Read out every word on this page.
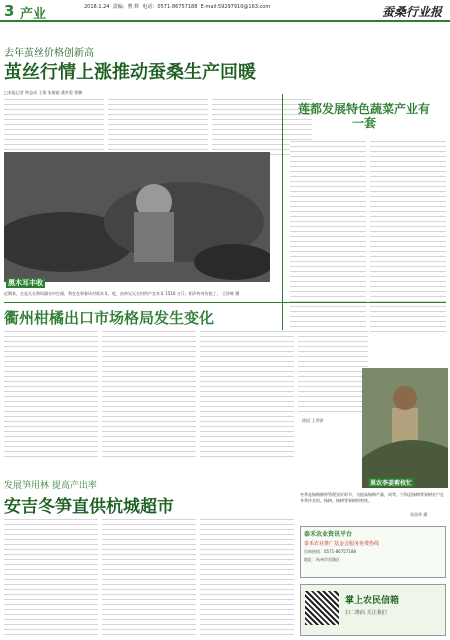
3 产业	2018.1.24 责编：曹 辉 电话：0571-86757188 E-mail:59297910@163.com	蚕桑行业报
去年茧丝价格创新高
茧丝行情上涨推动蚕桑生产回暖
□本报记者 钟益成 王翔 朱敏斌 潘杏菊 曹鹏
黑木耳丰收
近期来，在是无名和吗湖水中打浦，利在在和春风对收木耳，吃，由单吴无名村所产农木耳 1510 万斤。相声咋对好吃了。 王炒辉 摄
莲都发展特色蔬菜产业有一套
衢州柑橘出口市场格局发生变化
徐国 王世骅
果农李姜剪枝忙
冬季是杨梅修剪管理良好时节，为提高杨梅产量，同等，宁海县杨梅等果树农户在冬季作业的。杨树、杨树等果树的剪枝。
张国华 摄
发展笋用林 提高产出率
安吉冬笋直供杭城超市
泰禾农业资讯平台
泰禾农业推广基金会服务免费热线
咨询热线：0571-86757188
地址：杭州市西湖区
掌上农民信箱
扫二维码 关注我们
